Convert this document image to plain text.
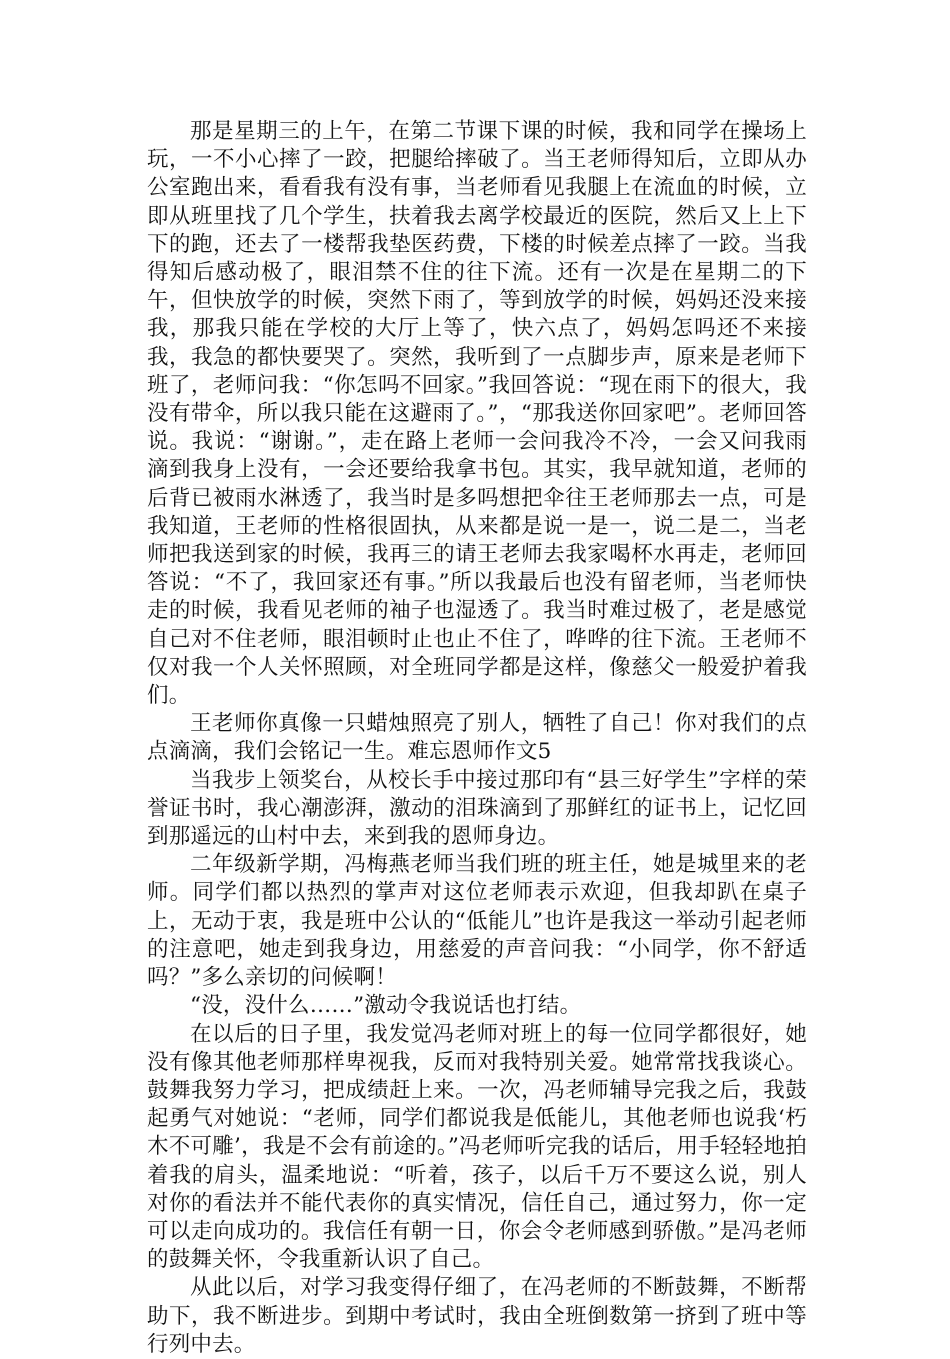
那是星期三的上午，在第二节课下课的时候，我和同学在操场上玩，一不小心摔了一跤，把腿给摔破了。当王老师得知后，立即从办公室跑出来，看看我有没有事，当老师看见我腿上在流血的时候，立即从班里找了几个学生，扶着我去离学校最近的医院，然后又上上下下的跑，还去了一楼帮我垫医药费，下楼的时候差点摔了一跤。当我得知后感动极了，眼泪禁不住的往下流。还有一次是在星期二的下午，但快放学的时候，突然下雨了，等到放学的时候，妈妈还没来接我，那我只能在学校的大厅上等了，快六点了，妈妈怎吗还不来接我，我急的都快要哭了。突然，我听到了一点脚步声，原来是老师下班了，老师问我：“你怎吗不回家。”我回答说：“现在雨下的很大，我没有带伞，所以我只能在这避雨了。”，“那我送你回家吧”。老师回答说。我说：“谢谢。”，走在路上老师一会问我冷不冷，一会又问我雨滴到我身上没有，一会还要给我拿书包。其实，我早就知道，老师的后背已被雨水淋透了，我当时是多吗想把伞往王老师那去一点，可是我知道，王老师的性格很固执，从来都是说一是一，说二是二，当老师把我送到家的时候，我再三的请王老师去我家喝杯水再走，老师回答说：“不了，我回家还有事。”所以我最后也没有留老师，当老师快走的时候，我看见老师的袖子也湿透了。我当时难过极了，老是感觉自己对不住老师，眼泪顿时止也止不住了，哗哗的往下流。王老师不仅对我一个人关怀照顾，对全班同学都是这样，像慈父一般爱护着我们。

王老师你真像一只蜡烛照亮了别人，牺牲了自己！你对我们的点点滴滴，我们会铭记一生。难忘恩师作文5

当我步上领奖台，从校长手中接过那印有“县三好学生”字样的荣誉证书时，我心潮澎湃，激动的泪珠滴到了那鲜红的证书上，记忆回到那遥远的山村中去，来到我的恩师身边。

二年级新学期，冯梅燕老师当我们班的班主任，她是城里来的老师。同学们都以热烈的掌声对这位老师表示欢迎，但我却趴在桌子上，无动于衷，我是班中公认的“低能儿”也许是我这一举动引起老师的注意吧，她走到我身边，用慈爱的声音问我：“小同学，你不舒适吗？”多么亲切的问候啊！

“没，没什么……”激动令我说话也打结。

在以后的日子里，我发觉冯老师对班上的每一位同学都很好，她没有像其他老师那样卑视我，反而对我特别关爱。她常常找我谈心。鼓舞我努力学习，把成绩赶上来。一次，冯老师辅导完我之后，我鼓起勇气对她说：“老师，同学们都说我是低能儿，其他老师也说我‘朽木不可雕’，我是不会有前途的。”冯老师听完我的话后，用手轻轻地拍着我的肩头，温柔地说：“听着，孩子，以后千万不要这么说，别人对你的看法并不能代表你的真实情况，信任自己，通过努力，你一定可以走向成功的。我信任有朝一日，你会令老师感到骄傲。”是冯老师的鼓舞关怀，令我重新认识了自己。

从此以后，对学习我变得仔细了，在冯老师的不断鼓舞，不断帮助下，我不断进步。到期中考试时，我由全班倒数第一挤到了班中等行列中去。
